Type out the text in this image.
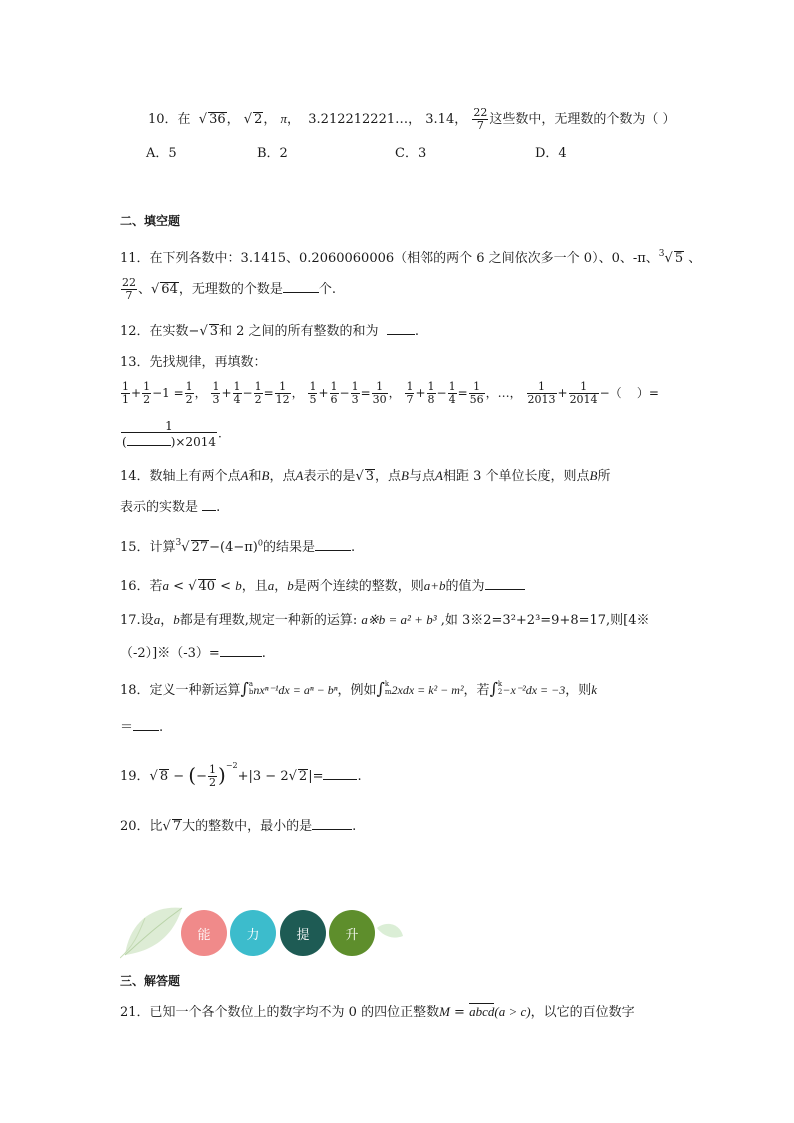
10．在  √ 36， √ 2， π，  3.212212221…， 3.14， $\frac{22}{7}$ 这些数中，无理数的个数为（ ）
A．5	B．2	C．3	D．4
二、填空题
11．在下列各数中：3.1415、0.2060060006（相邻的两个 6 之间依次多一个 0）、0、-π、$^3$√ 5 、
$\frac{22}{7}$ 、√ 64，无理数的个数是	个.
12．在实数−√ 3和 2 之间的所有整数的和为	.
13．先找规律，再填数：
$\frac{1}{1} + \frac{1}{2} -1 = \frac{1}{2}$ ， $\frac{1}{3} + \frac{1}{4} - \frac{1}{2} = \frac{1}{12}$ ， $\frac{1}{5} + \frac{1}{6} - \frac{1}{3} = \frac{1}{30}$ ， $\frac{1}{7} + \frac{1}{8} - \frac{1}{4} = \frac{1}{56}$ ，…， $\frac{1}{2013} + \frac{1}{2014}$ −（    ）=
1
(	)×2014 .
14．数轴上有两个点A和B，点A表示的是√ 3，点B与点A相距 3 个单位长度，则点B所
表示的实数是 .
15．计算$^3$√ $27-(4-\pi)^0$的结果是	.
16．若a < √ 40 < b，且a，b是两个连续的整数，则a+b的值为
17.设a，b都是有理数,规定一种新的运算: a※b = a² + b³ ,如 3※2=3²+2³=9+8=17,则[4※
（-2）]※（-3）=	.
18．定义一种新运算∫a
bnxⁿ⁻¹dx = aⁿ − bⁿ，例如∫k
m2xdx = k² − m²，若∫k
2−x⁻²dx = −3，则k
＝ .
19．√ 8 − (− $\frac{1}{2} )^{-2}+|3 - 2√$ 2|=	.
20．比√ 7大的整数中，最小的是	.
能	力	提	升
三、解答题
21．已知一个各个数位上的数字均不为 0 的四位正整数M = abcd(a > c)，以它的百位数字
